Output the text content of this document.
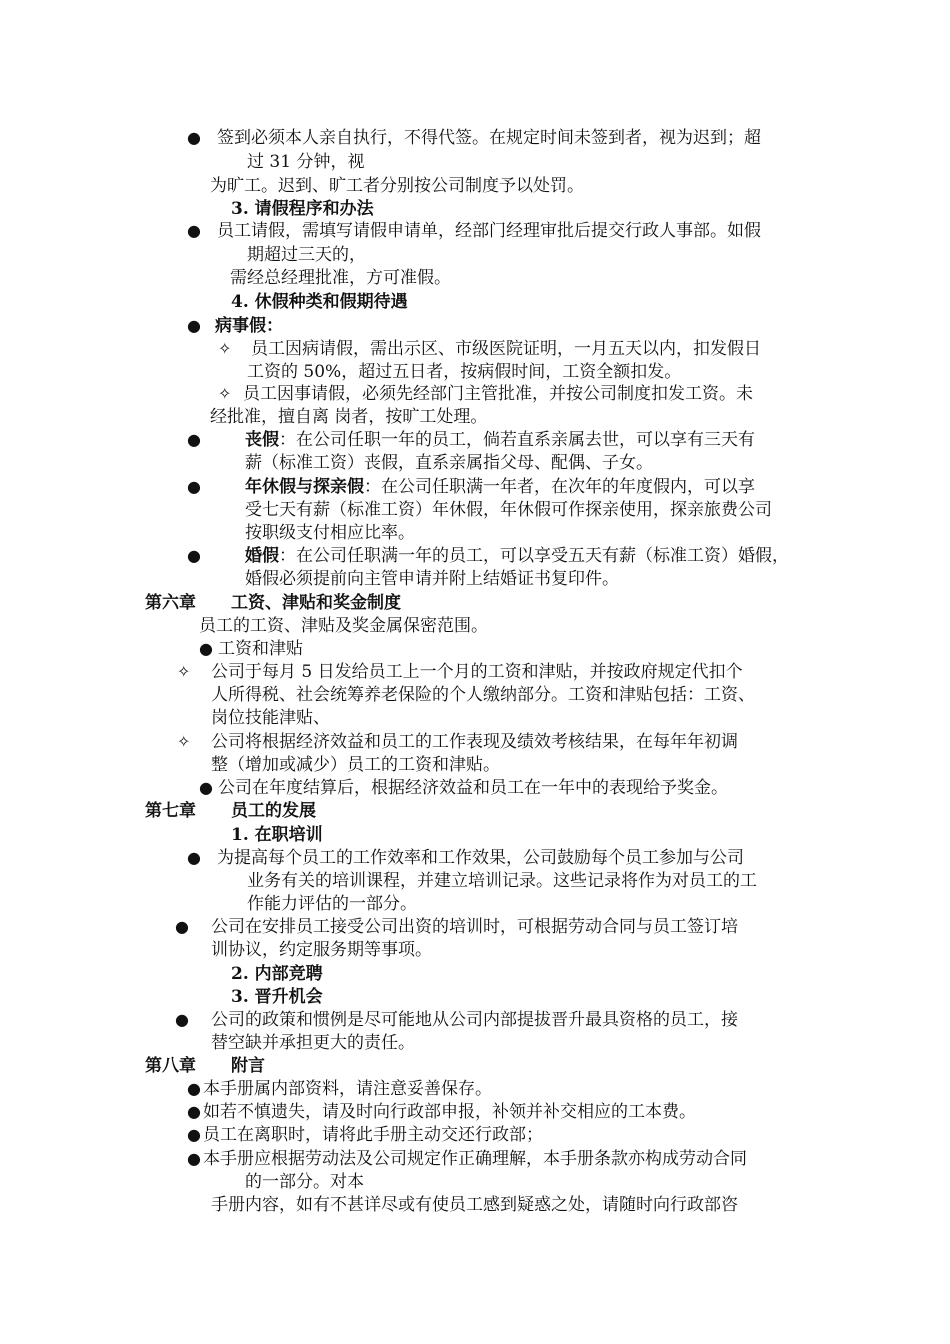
● 签到必须本人亲自执行，不得代签。在规定时间未签到者，视为迟到；超
过 31 分钟，视
为旷工。迟到、旷工者分别按公司制度予以处罚。
3. 请假程序和办法
● 员工请假，需填写请假申请单，经部门经理审批后提交行政人事部。如假
期超过三天的，
需经总经理批准，方可准假。
4. 休假种类和假期待遇
● 病事假：
✧ 员工因病请假，需出示区、市级医院证明，一月五天以内，扣发假日
工资的 50%，超过五日者，按病假时间，工资全额扣发。
✧ 员工因事请假，必须先经部门主管批准，并按公司制度扣发工资。未
经批准，擅自离 岗者，按旷工处理。
●	丧假：在公司任职一年的员工，倘若直系亲属去世，可以享有三天有
薪（标准工资）丧假，直系亲属指父母、配偶、子女。
●	年休假与探亲假：在公司任职满一年者，在次年的年度假内，可以享
受七天有薪（标准工资）年休假，年休假可作探亲使用，探亲旅费公司
按职级支付相应比率。
●	婚假：在公司任职满一年的员工，可以享受五天有薪（标准工资）婚假，
婚假必须提前向主管申请并附上结婚证书复印件。
第六章 工资、津贴和奖金制度
员工的工资、津贴及奖金属保密范围。
● 工资和津贴
✧ 公司于每月 5 日发给员工上一个月的工资和津贴，并按政府规定代扣个
人所得税、社会统筹养老保险的个人缴纳部分。工资和津贴包括：工资、
岗位技能津贴、
✧ 公司将根据经济效益和员工的工作表现及绩效考核结果，在每年年初调
整（增加或减少）员工的工资和津贴。
● 公司在年度结算后，根据经济效益和员工在一年中的表现给予奖金。
第七章 员工的发展
1. 在职培训
● 为提高每个员工的工作效率和工作效果，公司鼓励每个员工参加与公司
业务有关的培训课程，并建立培训记录。这些记录将作为对员工的工
作能力评估的一部分。
● 公司在安排员工接受公司出资的培训时，可根据劳动合同与员工签订培
训协议，约定服务期等事项。
2. 内部竞聘
3. 晋升机会
● 公司的政策和惯例是尽可能地从公司内部提拔晋升最具资格的员工，接
替空缺并承担更大的责任。
第八章 附言
● 本手册属内部资料，请注意妥善保存。
● 如若不慎遗失，请及时向行政部申报，补领并补交相应的工本费。
● 员工在离职时，请将此手册主动交还行政部；
● 本手册应根据劳动法及公司规定作正确理解，本手册条款亦构成劳动合同
的一部分。对本
手册内容，如有不甚详尽或有使员工感到疑惑之处，请随时向行政部咨
